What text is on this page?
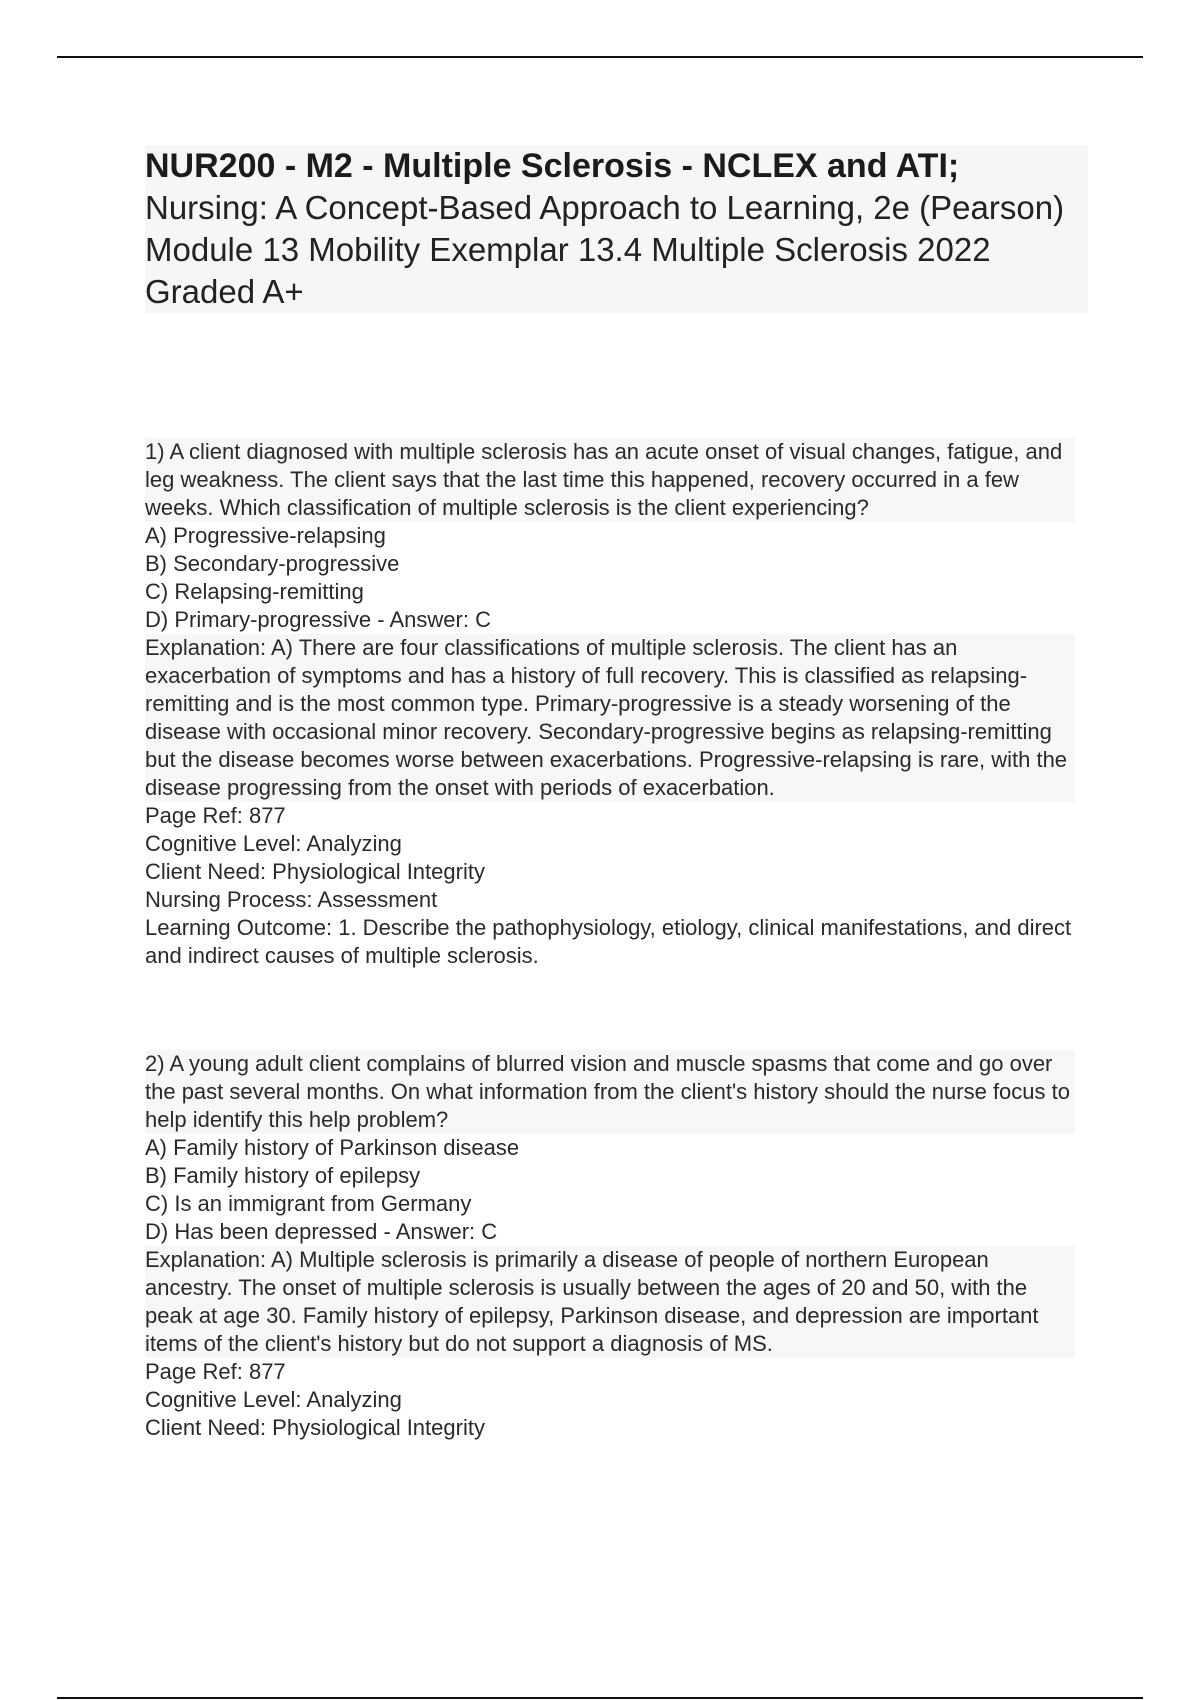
NUR200 - M2 - Multiple Sclerosis - NCLEX and ATI;

Nursing: A Concept-Based Approach to Learning, 2e (Pearson) Module 13 Mobility Exemplar 13.4 Multiple Sclerosis 2022 Graded A+

1) A client diagnosed with multiple sclerosis has an acute onset of visual changes, fatigue, and leg weakness. The client says that the last time this happened, recovery occurred in a few weeks. Which classification of multiple sclerosis is the client experiencing?
A) Progressive-relapsing
B) Secondary-progressive
C) Relapsing-remitting
D) Primary-progressive - Answer: C
Explanation: A) There are four classifications of multiple sclerosis. The client has an exacerbation of symptoms and has a history of full recovery. This is classified as relapsing-remitting and is the most common type. Primary-progressive is a steady worsening of the disease with occasional minor recovery. Secondary-progressive begins as relapsing-remitting but the disease becomes worse between exacerbations. Progressive-relapsing is rare, with the disease progressing from the onset with periods of exacerbation.
Page Ref: 877
Cognitive Level: Analyzing
Client Need: Physiological Integrity
Nursing Process: Assessment
Learning Outcome: 1. Describe the pathophysiology, etiology, clinical manifestations, and direct and indirect causes of multiple sclerosis.
2) A young adult client complains of blurred vision and muscle spasms that come and go over the past several months. On what information from the client's history should the nurse focus to help identify this help problem?
A) Family history of Parkinson disease
B) Family history of epilepsy
C) Is an immigrant from Germany
D) Has been depressed - Answer: C
Explanation: A) Multiple sclerosis is primarily a disease of people of northern European ancestry. The onset of multiple sclerosis is usually between the ages of 20 and 50, with the peak at age 30. Family history of epilepsy, Parkinson disease, and depression are important items of the client's history but do not support a diagnosis of MS.
Page Ref: 877
Cognitive Level: Analyzing
Client Need: Physiological Integrity
